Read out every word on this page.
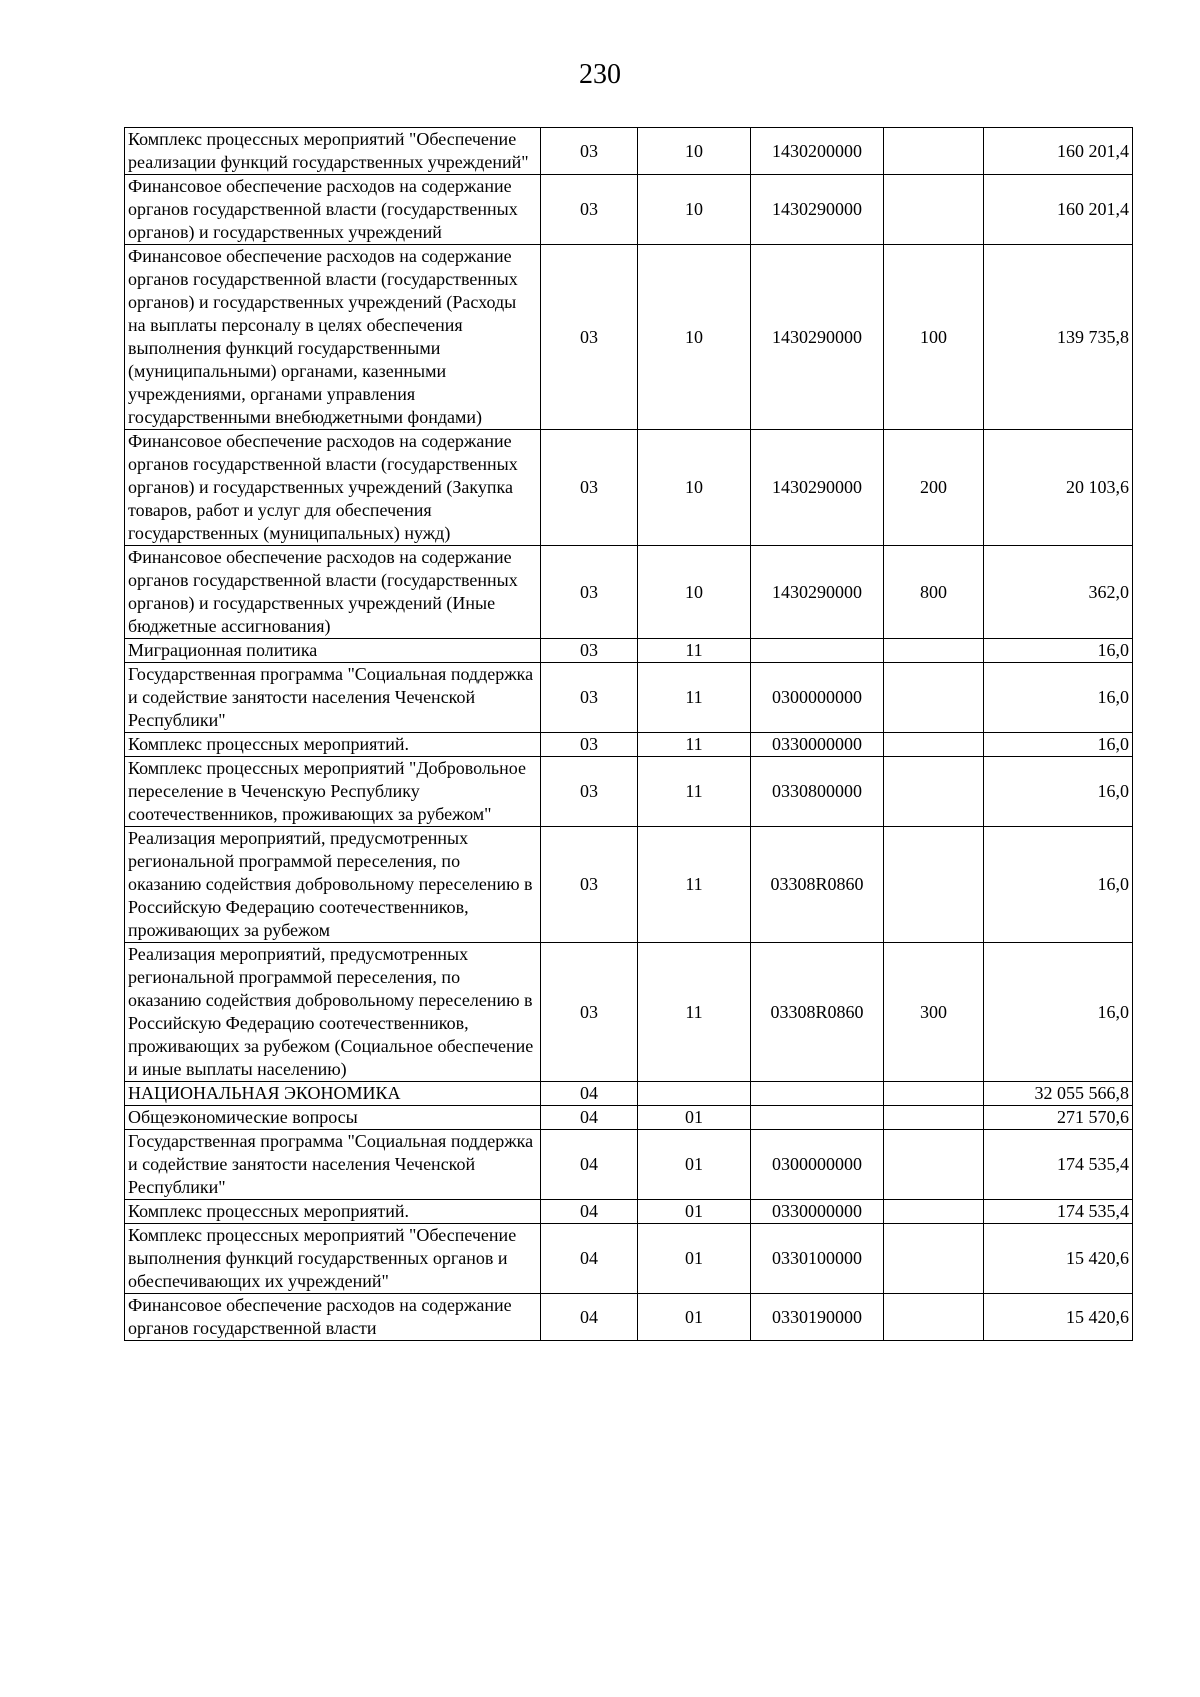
230
Комплекс процессных мероприятий "Обеспечение реализации функций государственных учреждений"	03	10	1430200000		160 201,4
Финансовое обеспечение расходов на содержание органов государственной власти (государственных органов) и государственных учреждений	03	10	1430290000		160 201,4
Финансовое обеспечение расходов на содержание органов государственной власти (государственных органов) и государственных учреждений (Расходы на выплаты персоналу в целях обеспечения выполнения функций государственными (муниципальными) органами, казенными учреждениями, органами управления государственными внебюджетными фондами)	03	10	1430290000	100	139 735,8
Финансовое обеспечение расходов на содержание органов государственной власти (государственных органов) и государственных учреждений (Закупка товаров, работ и услуг для обеспечения государственных (муниципальных) нужд)	03	10	1430290000	200	20 103,6
Финансовое обеспечение расходов на содержание органов государственной власти (государственных органов) и государственных учреждений (Иные бюджетные ассигнования)	03	10	1430290000	800	362,0
Миграционная политика	03	11			16,0
Государственная программа "Социальная поддержка и содействие занятости населения Чеченской Республики"	03	11	0300000000		16,0
Комплекс процессных мероприятий.	03	11	0330000000		16,0
Комплекс процессных мероприятий "Добровольное переселение в Чеченскую Республику соотечественников, проживающих за рубежом"	03	11	0330800000		16,0
Реализация мероприятий, предусмотренных региональной программой переселения, по оказанию содействия добровольному переселению в Российскую Федерацию соотечественников, проживающих за рубежом	03	11	03308R0860		16,0
Реализация мероприятий, предусмотренных региональной программой переселения, по оказанию содействия добровольному переселению в Российскую Федерацию соотечественников, проживающих за рубежом (Социальное обеспечение и иные выплаты населению)	03	11	03308R0860	300	16,0
НАЦИОНАЛЬНАЯ ЭКОНОМИКА	04				32 055 566,8
Общеэкономические вопросы	04	01			271 570,6
Государственная программа "Социальная поддержка и содействие занятости населения Чеченской Республики"	04	01	0300000000		174 535,4
Комплекс процессных мероприятий.	04	01	0330000000		174 535,4
Комплекс процессных мероприятий "Обеспечение выполнения функций государственных органов и обеспечивающих их учреждений"	04	01	0330100000		15 420,6
Финансовое обеспечение расходов на содержание органов государственной власти	04	01	0330190000		15 420,6
